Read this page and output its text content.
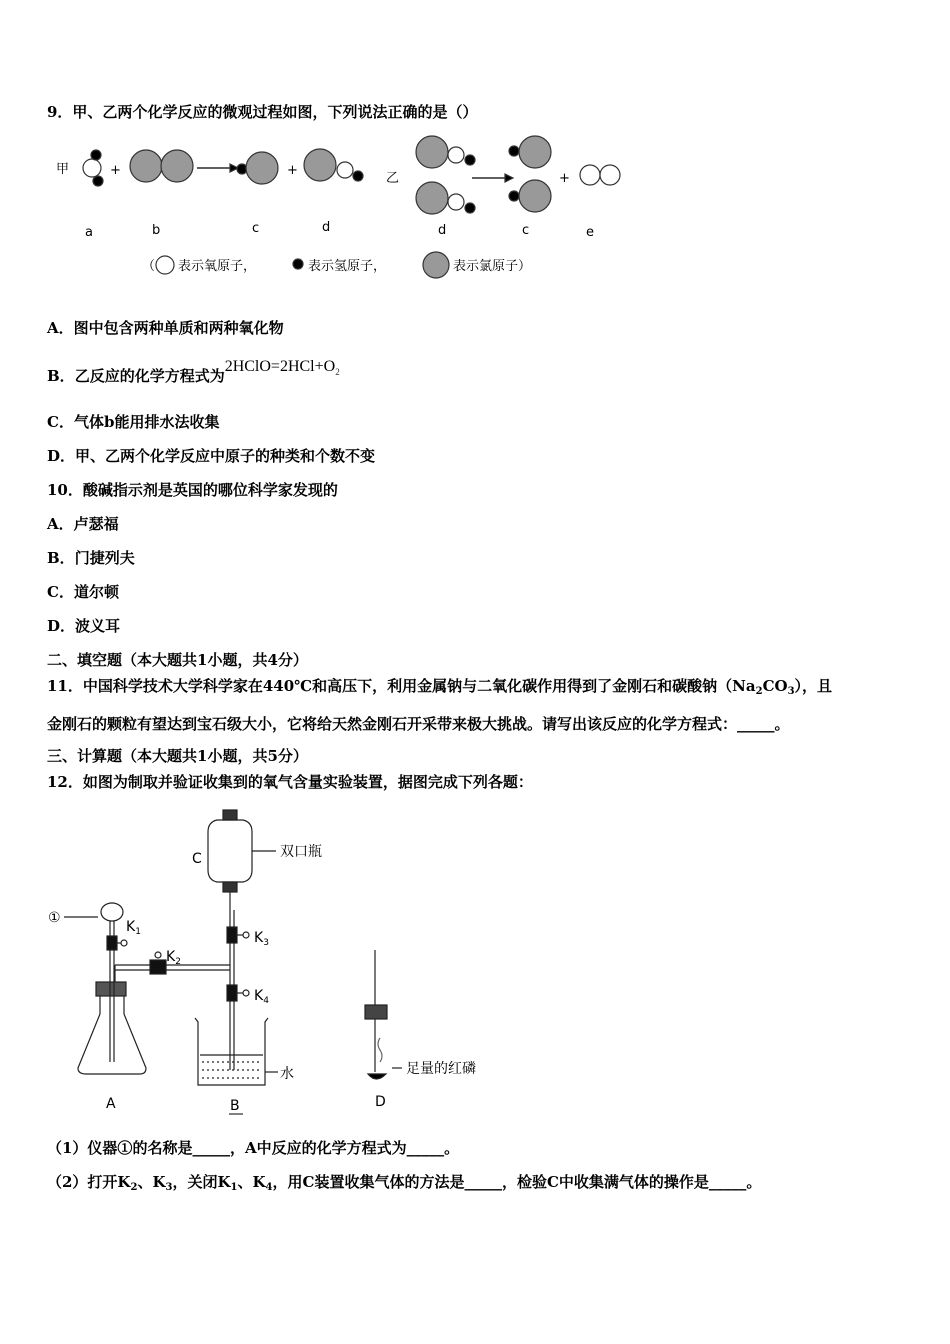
9．甲、乙两个化学反应的微观过程如图，下列说法正确的是（）
甲	+	+
乙	+
a	b	c	d	d	c	e
（ 表示氧原子，	表示氢原子，	表示氯原子）
A．图中包含两种单质和两种氧化物
B．乙反应的化学方程式为$2HClO=2HCl+O_2$
C．气体b能用排水法收集
D．甲、乙两个化学反应中原子的种类和个数不变
10．酸碱指示剂是英国的哪位科学家发现的
A．卢瑟福
B．门捷列夫
C．道尔顿
D．波义耳
二、填空题（本大题共1小题，共4分）
11．中国科学技术大学科学家在440℃和高压下，利用金属钠与二氧化碳作用得到了金刚石和碳酸钠$(Na_2CO_3)$，且
金刚石的颗粒有望达到宝石级大小，它将给天然金刚石开采带来极大挑战。请写出该反应的化学方程式：_____。
三、计算题（本大题共1小题，共5分）
12．如图为制取并验证收集到的氧气含量实验装置，据图完成下列各题：
C	双口瓶
①
$K_1$
$K_2$
$K_3$
$K_4$
水	足量的红磷
A	B	D
（1）仪器①的名称是_____，A中反应的化学方程式为_____。
（2）打开$K_2$、$K_3$，关闭$K_1$、$K_4$，用C装置收集气体的方法是_____，检验C中收集满气体的操作是_____。
